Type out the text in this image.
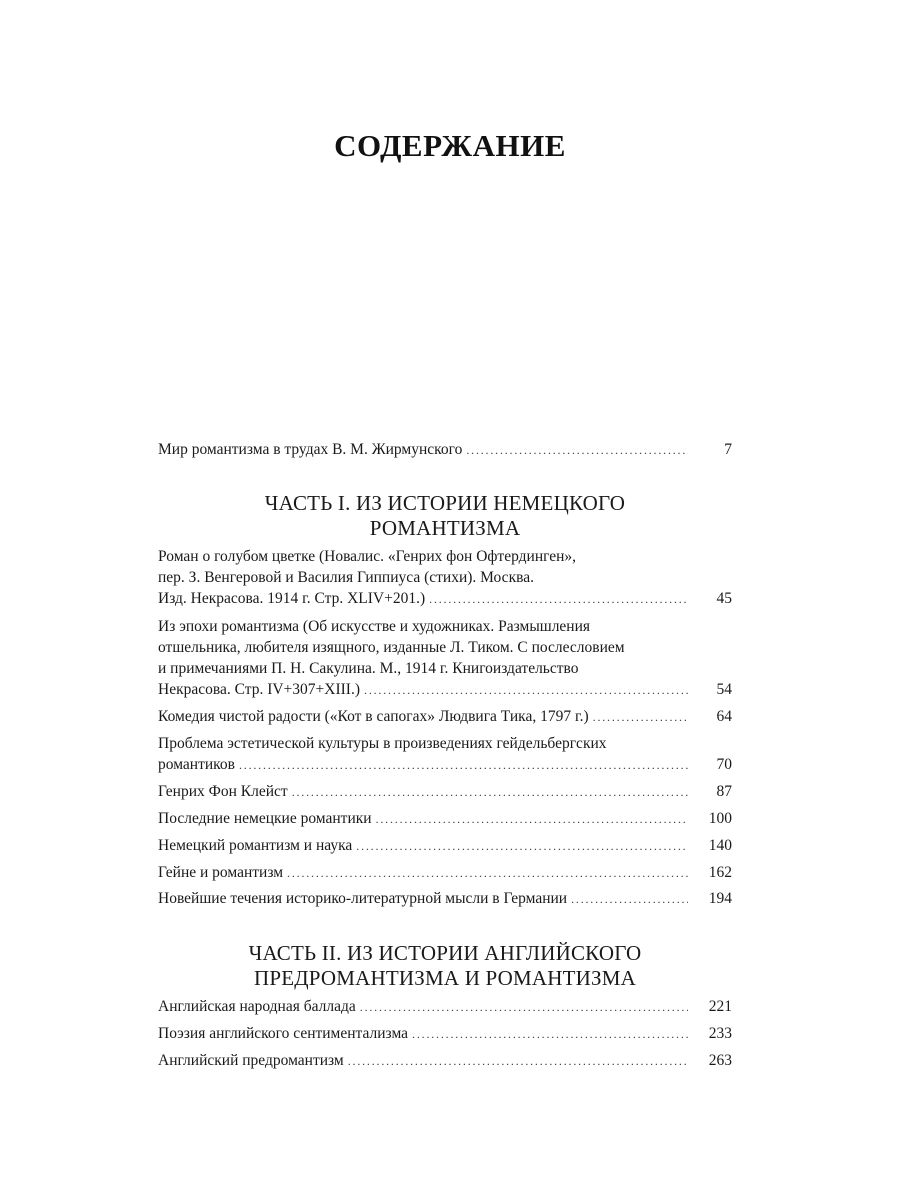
СОДЕРЖАНИЕ
Мир романтизма в трудах В. М. Жирмунского . . .	7
ЧАСТЬ I. ИЗ ИСТОРИИ НЕМЕЦКОГО
РОМАНТИЗМА
Роман о голубом цветке (Новалис. «Генрих фон Офтердинген»,
пер. З. Венгеровой и Василия Гиппиуса (стихи). Москва.
Изд. Некрасова. 1914 г. Стр. XLIV+201.) . . .	45
Из эпохи романтизма (Об искусстве и художниках. Размышления
отшельника, любителя изящного, изданные Л. Тиком. С послесловием
и примечаниями П. Н. Сакулина. М., 1914 г. Книгоиздательство
Некрасова. Стр. IV+307+XIII.) . . .	54
Комедия чистой радости («Кот в сапогах» Людвига Тика, 1797 г.) . . .	64
Проблема эстетической культуры в произведениях гейдельбергских
романтиков . . .	70
Генрих Фон Клейст . . .	87
Последние немецкие романтики . . .	100
Немецкий романтизм и наука . . .	140
Гейне и романтизм . . .	162
Новейшие течения историко-литературной мысли в Германии . . .	194
ЧАСТЬ II. ИЗ ИСТОРИИ АНГЛИЙСКОГО
ПРЕДРОМАНТИЗМА И РОМАНТИЗМА
Английская народная баллада . . .	221
Поэзия английского сентиментализма . . .	233
Английский предромантизм . . .	263
